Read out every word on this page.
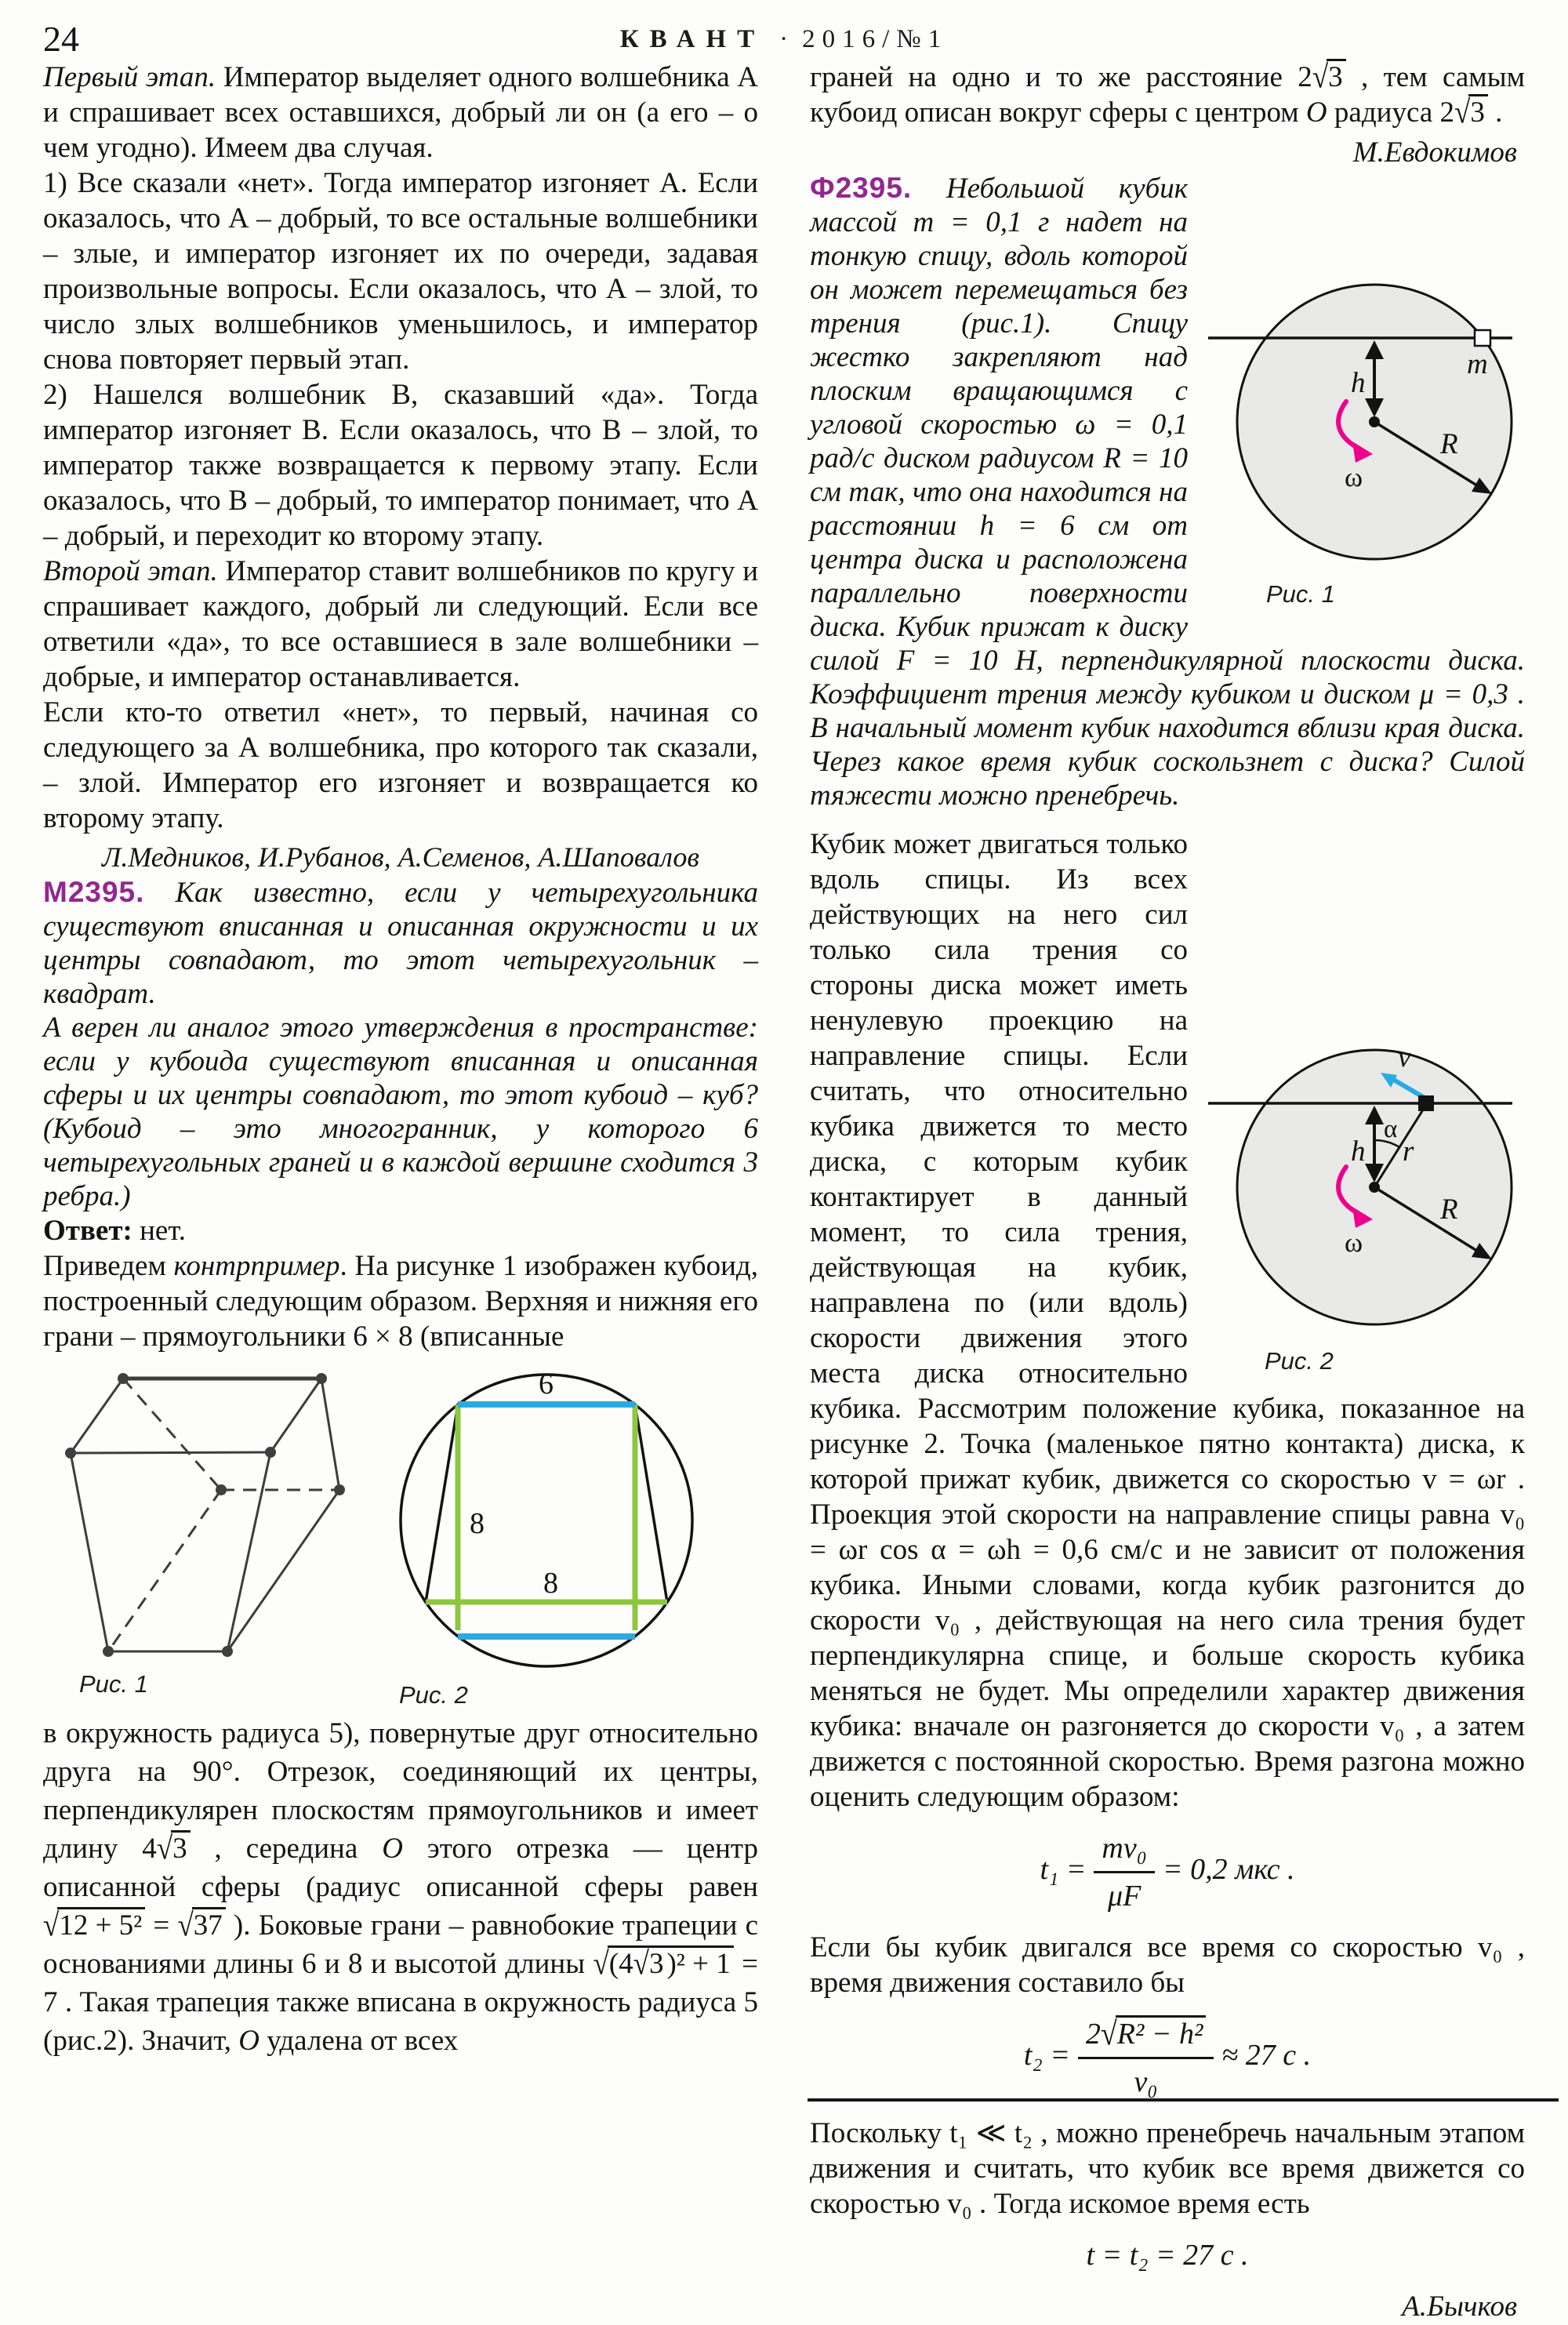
24	КВАНТ · 2016/№1

Первый этап. Император выделяет одного волшебника А и спрашивает всех оставшихся, добрый ли он (а его – о чем угодно). Имеем два случая.

1) Все сказали «нет». Тогда император изгоняет А. Если оказалось, что А – добрый, то все остальные волшебники – злые, и император изгоняет их по очереди, задавая произвольные вопросы. Если оказалось, что А – злой, то число злых волшебников уменьшилось, и император снова повторяет первый этап.

2) Нашелся волшебник В, сказавший «да». Тогда император изгоняет В. Если оказалось, что В – злой, то император также возвращается к первому этапу. Если оказалось, что В – добрый, то император понимает, что А – добрый, и переходит ко второму этапу.

Второй этап. Император ставит волшебников по кругу и спрашивает каждого, добрый ли следующий. Если все ответили «да», то все оставшиеся в зале волшебники – добрые, и император останавливается.

Если кто-то ответил «нет», то первый, начиная со следующего за А волшебника, про которого так сказали, – злой. Император его изгоняет и возвращается ко второму этапу.

Л.Медников, И.Рубанов, А.Семенов, А.Шаповалов

М2395. Как известно, если у четырехугольника существуют вписанная и описанная окружности и их центры совпадают, то этот четырехугольник – квадрат.

А верен ли аналог этого утверждения в пространстве: если у кубоида существуют вписанная и описанная сферы и их центры совпадают, то этот кубоид – куб? (Кубоид – это многогранник, у которого 6 четырехугольных граней и в каждой вершине сходится 3 ребра.)

Ответ: нет.

Приведем контрпример. На рисунке 1 изображен кубоид, построенный следующим образом. Верхняя и нижняя его грани – прямоугольники 6 × 8 (вписанные

Рис. 1
6
8
8
Рис. 2

в окружность радиуса 5), повернутые друг относительно друга на 90°. Отрезок, соединяющий их центры, перпендикулярен плоскостям прямоугольников и имеет длину 4√3 , середина О этого отрезка — центр описанной сферы (радиус описанной сферы равен √12 + 5² = √37 ). Боковые грани – равнобокие трапеции с основаниями длины 6 и 8 и высотой длины √(4√3 )² + 1 = 7 . Такая трапеция также вписана в окружность радиуса 5 (рис.2). Значит, О удалена от всех

граней на одно и то же расстояние 2√3 , тем самым кубоид описан вокруг сферы с центром О радиуса 2√3 .

М.Евдокимов

m
h
R
ω
Рис. 1
Ф2395. Небольшой кубик массой m = 0,1 г надет на тонкую спицу, вдоль которой он может перемещаться без трения (рис.1). Спицу жестко закрепляют над плоским вращающимся с угловой скоростью ω = 0,1 рад/с диском радиусом R = 10 см так, что она находится на расстоянии h = 6 см от центра диска и расположена параллельно поверхности диска. Кубик прижат к диску силой F = 10 Н, перпендикулярной плоскости диска. Коэффициент трения между кубиком и диском μ = 0,3 . В начальный момент кубик находится вблизи края диска. Через какое время кубик соскользнет с диска? Силой тяжести можно пренебречь.

v
α
r
h
R
ω
Рис. 2
Кубик может двигаться только вдоль спицы. Из всех действующих на него сил только сила трения со стороны диска может иметь ненулевую проекцию на направление спицы. Если считать, что относительно кубика движется то место диска, с которым кубик контактирует в данный момент, то сила трения, действующая на кубик, направлена по (или вдоль) скорости движения этого места диска относительно кубика. Рассмотрим положение кубика, показанное на рисунке 2. Точка (маленькое пятно контакта) диска, к которой прижат кубик, движется со скоростью v = ωr . Проекция этой скорости на направление спицы равна v₀ = ωr cos α = ωh = 0,6 см/с и не зависит от положения кубика. Иными словами, когда кубик разгонится до скорости v₀ , действующая на него сила трения будет перпендикулярна спице, и больше скорость кубика меняться не будет. Мы определили характер движения кубика: вначале он разгоняется до скорости v₀ , а затем движется с постоянной скоростью. Время разгона можно оценить следующим образом:

$t_1 = \frac{\text{mv₀}}{\mu F} = 0,2$ мкс .

Если бы кубик двигался все время со скоростью v₀ , время движения составило бы

$t_2 = \frac{\text{2√R² − h²}}{\text{v₀}} \approx 27$ с .

Поскольку t₁ ≪ t₂ , можно пренебречь начальным этапом движения и считать, что кубик все время движется со скоростью v₀ . Тогда искомое время есть

t = t₂ = 27 с .

А.Бычков
